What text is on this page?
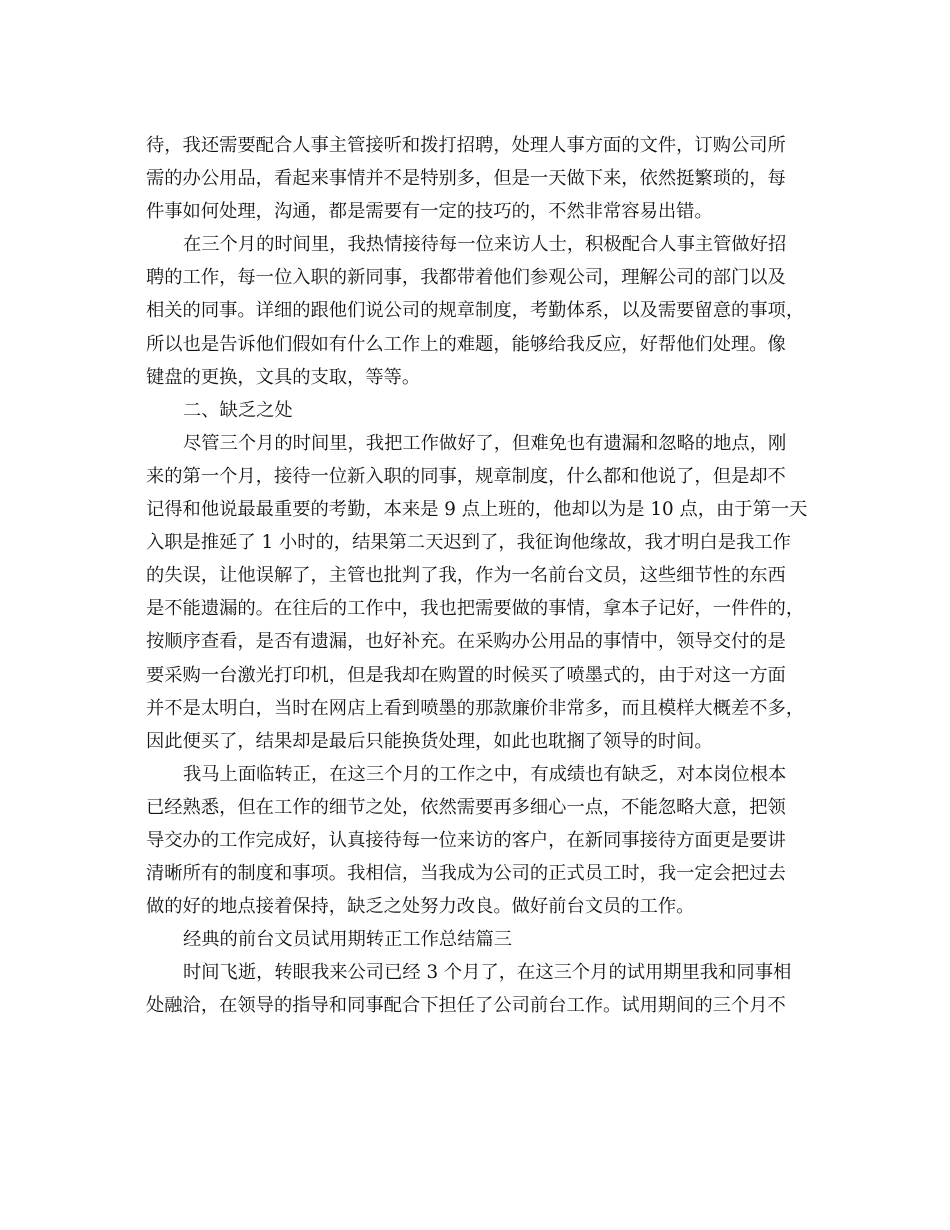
待，我还需要配合人事主管接听和拨打招聘，处理人事方面的文件，订购公司所
需的办公用品，看起来事情并不是特别多，但是一天做下来，依然挺繁琐的，每
件事如何处理，沟通，都是需要有一定的技巧的，不然非常容易出错。
在三个月的时间里，我热情接待每一位来访人士，积极配合人事主管做好招
聘的工作，每一位入职的新同事，我都带着他们参观公司，理解公司的部门以及
相关的同事。详细的跟他们说公司的规章制度，考勤体系，以及需要留意的事项，
所以也是告诉他们假如有什么工作上的难题，能够给我反应，好帮他们处理。像
键盘的更换，文具的支取，等等。
二、缺乏之处
尽管三个月的时间里，我把工作做好了，但难免也有遗漏和忽略的地点，刚
来的第一个月，接待一位新入职的同事，规章制度，什么都和他说了，但是却不
记得和他说最最重要的考勤，本来是 9 点上班的，他却以为是 10 点，由于第一天
入职是推延了 1 小时的，结果第二天迟到了，我征询他缘故，我才明白是我工作
的失误，让他误解了，主管也批判了我，作为一名前台文员，这些细节性的东西
是不能遗漏的。在往后的工作中，我也把需要做的事情，拿本子记好，一件件的，
按顺序查看，是否有遗漏，也好补充。在采购办公用品的事情中，领导交付的是
要采购一台激光打印机，但是我却在购置的时候买了喷墨式的，由于对这一方面
并不是太明白，当时在网店上看到喷墨的那款廉价非常多，而且模样大概差不多，
因此便买了，结果却是最后只能换货处理，如此也耽搁了领导的时间。
我马上面临转正，在这三个月的工作之中，有成绩也有缺乏，对本岗位根本
已经熟悉，但在工作的细节之处，依然需要再多细心一点，不能忽略大意，把领
导交办的工作完成好，认真接待每一位来访的客户，在新同事接待方面更是要讲
清晰所有的制度和事项。我相信，当我成为公司的正式员工时，我一定会把过去
做的好的地点接着保持，缺乏之处努力改良。做好前台文员的工作。
经典的前台文员试用期转正工作总结篇三
时间飞逝，转眼我来公司已经 3 个月了，在这三个月的试用期里我和同事相
处融洽，在领导的指导和同事配合下担任了公司前台工作。试用期间的三个月不
